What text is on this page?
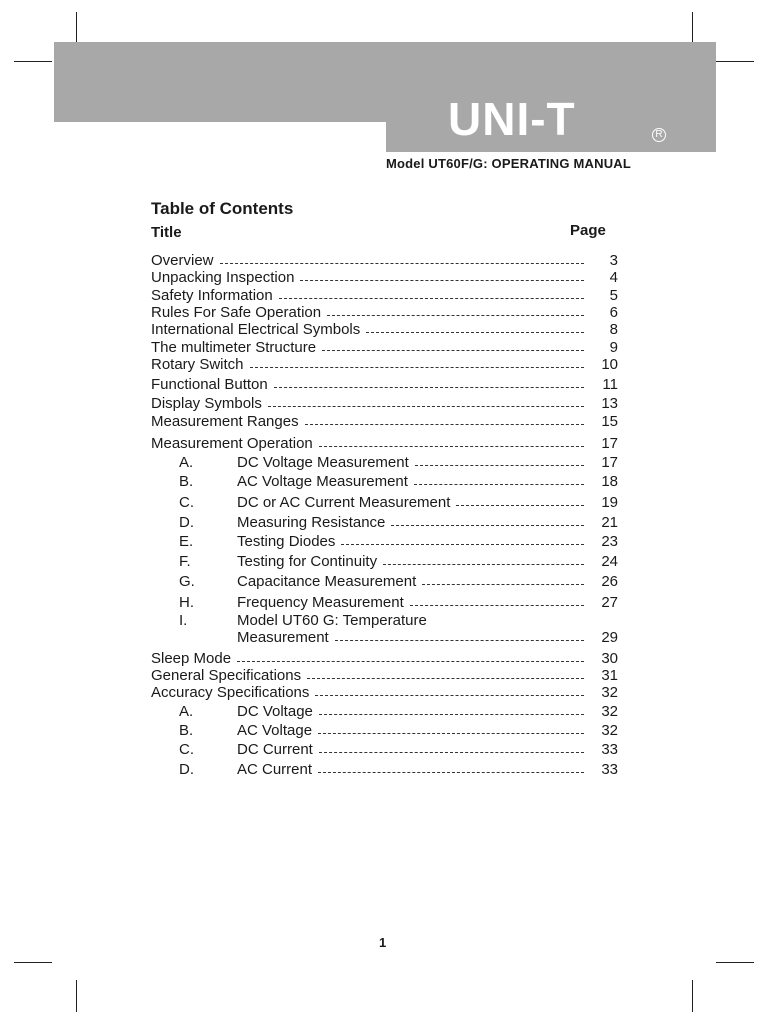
UNI-T	R
Model UT60F/G: OPERATING MANUAL
Table of Contents
Title	Page
Overview	3
Unpacking Inspection	4
Safety Information	5
Rules For Safe Operation	6
International Electrical Symbols	8
The multimeter Structure	9
Rotary Switch	10
Functional Button	11
Display Symbols	13
Measurement Ranges	15
Measurement Operation	17
A.	DC Voltage Measurement	17
B.	AC Voltage Measurement	18
C.	DC or AC Current Measurement	19
D.	Measuring Resistance	21
E.	Testing Diodes	23
F.	Testing for Continuity	24
G.	Capacitance Measurement	26
H.	Frequency Measurement	27
I.	Model UT60 G: Temperature
Measurement	29
Sleep Mode	30
General Specifications	31
Accuracy Specifications	32
A.	DC Voltage	32
B.	AC Voltage	32
C.	DC Current	33
D.	AC Current	33
1
